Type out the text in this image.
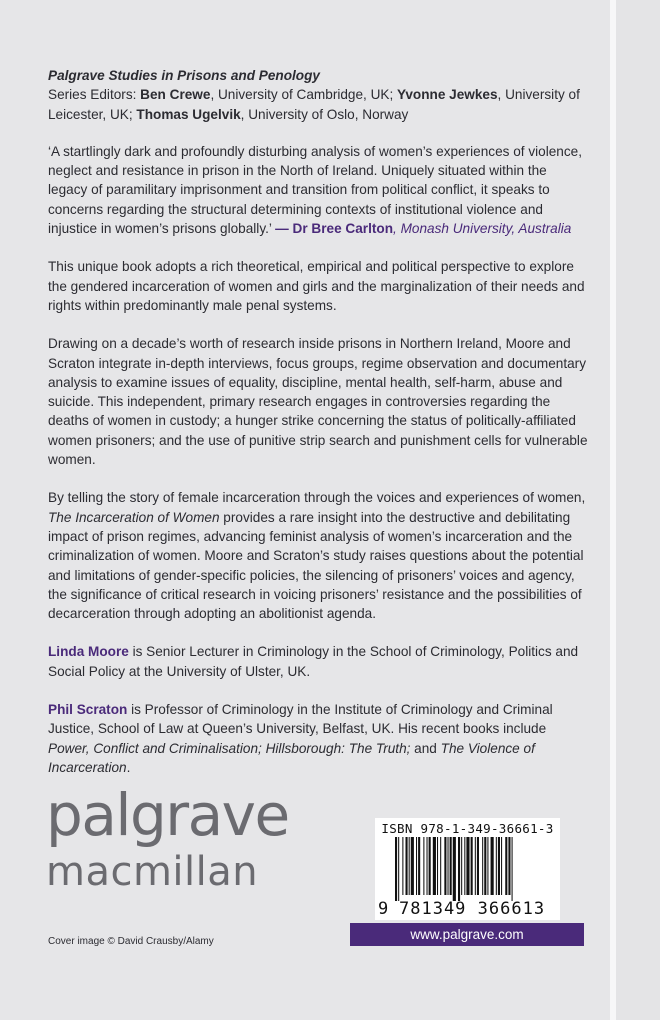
Palgrave Studies in Prisons and Penology
Series Editors: Ben Crewe, University of Cambridge, UK; Yvonne Jewkes, University of Leicester, UK; Thomas Ugelvik, University of Oslo, Norway

‘A startlingly dark and profoundly disturbing analysis of women’s experiences of violence, neglect and resistance in prison in the North of Ireland. Uniquely situated within the legacy of paramilitary imprisonment and transition from political conflict, it speaks to concerns regarding the structural determining contexts of institutional violence and injustice in women’s prisons globally.’ — Dr Bree Carlton, Monash University, Australia

This unique book adopts a rich theoretical, empirical and political perspective to explore the gendered incarceration of women and girls and the marginalization of their needs and rights within predominantly male penal systems.

Drawing on a decade’s worth of research inside prisons in Northern Ireland, Moore and Scraton integrate in-depth interviews, focus groups, regime observation and documentary analysis to examine issues of equality, discipline, mental health, self-harm, abuse and suicide. This independent, primary research engages in controversies regarding the deaths of women in custody; a hunger strike concerning the status of politically-affiliated women prisoners; and the use of punitive strip search and punishment cells for vulnerable women.

By telling the story of female incarceration through the voices and experiences of women, The Incarceration of Women provides a rare insight into the destructive and debilitating impact of prison regimes, advancing feminist analysis of women’s incarceration and the criminalization of women. Moore and Scraton’s study raises questions about the potential and limitations of gender-specific policies, the silencing of prisoners’ voices and agency, the significance of critical research in voicing prisoners’ resistance and the possibilities of decarceration through adopting an abolitionist agenda.

Linda Moore is Senior Lecturer in Criminology in the School of Criminology, Politics and Social Policy at the University of Ulster, UK.

Phil Scraton is Professor of Criminology in the Institute of Criminology and Criminal Justice, School of Law at Queen’s University, Belfast, UK. His recent books include Power, Conflict and Criminalisation; Hillsborough: The Truth; and The Violence of Incarceration.

palgrave
macmillan
Cover image © David Crausby/Alamy
ISBN 978-1-349-36661-3
9 781349 366613
www.palgrave.com
